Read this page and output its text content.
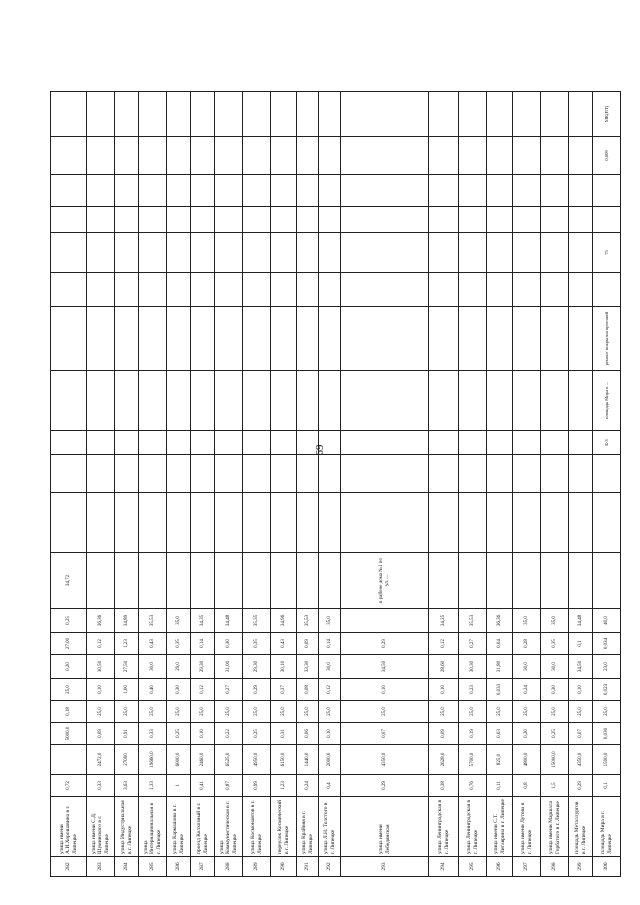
69
282	улица имени А.И.Хорошавина в г. Липецке	0,72		5000,0	0,18	25,0	0,20	27,00	0,25	34,72												
283	улица имени С.Д. Шуминского в г. Липецке	0,33	2472,0	0,09	25,0	0,10	30,50	0,12	36,36													
284	улица Индустриальная в г. Липецке	3,63	27000	0,91	25,0	1,00	27,50	1,23	34,89													
285	улица Интернациональная в г. Липецке	1,33	19660,0	0,33	25,0	0,40	30,0	0,43	35,53													
286	улица Кармашова в г. Липецке	1	6000,0	0,25	25,0	0,30	29,0	0,35	35,0													
287	проезд Колхозный в г. Липецке	0,41	2460,0	0,10	25,0	0,12	29,30	0,14	34,35													
288	улица Коммунистическая в г. Липецке	0,87	6525,0	0,22	25,0	0,27	31,00	0,30	34,48													
289	улица Космонавтов в г. Липецке	0,99	4950,0	0,25	25,0	0,29	29,30	0,35	35,35													
290	переулок Космический в г. Липецке	1,23	6150,0	0,31	25,0	0,37	30,10	0,43	34,96													
291	улица Крайняя в г. Липецке	0,24	1440,0	0,06	25,0	0,08	33,30	0,09	35,53													
292	улица Л.Н. Толстого в г. Липецке	0,4	2000,0	0,10	25,0	0,12	30,0	0,14	35,0													
293	улица имени Лебедянская	0,29	4350,0	0,07	25,0	0,10	34,50	0,29		в районе дома №1 по ул. ...												
294	улица Ленинградская в г. Липецке	0,38	2628,0	0,09	25,0	0,10	28,60	0,12	34,25													
295	улица Ленинградская в г. Липецке	0,76	5700,0	0,19	25,0	0,23	30,30	0,27	35,53													
296	улица имени С.Т. Литаврина в г. Липецке	0,11	825,0	0,03	25,0	0,033	31,80	0,04	36,36													
297	улица имени Лутова в г. Липецке	0,8	4800,0	0,20	25,0	0,24	30,0	0,28	35,0													
298	улица имени Маршала Горбатого в г. Липецке	1,5	15000,0	0,25	25,0	0,30	30,0	0,35	35,0													
299	площадь Металлургов в г. Липецке	0,29	4350,0	0,07	25,0	0,10	34,50	0,1	34,48													
300	площадь Мира в г. Липецке	0,1	1500,0	0,030	25,0	0,023	23,0	0,034	40,0				Б-3	площадь Мира в ...	ремонт покрытия проезжей		75			0,009	МК(ПТ)	
